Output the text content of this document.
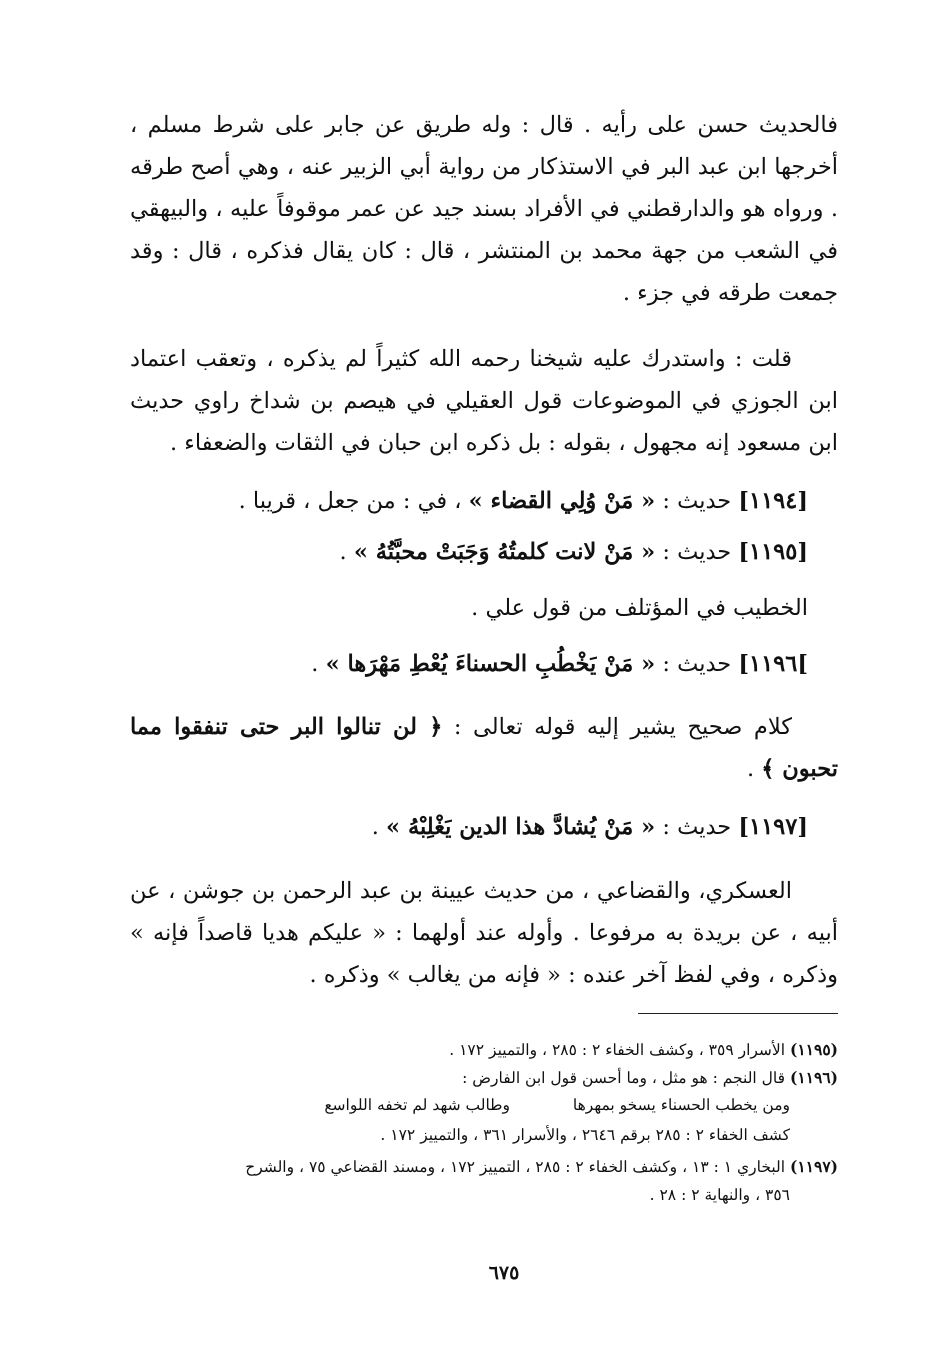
فالحديث حسن على رأيه . قال : وله طريق عن جابر على شرط مسلم ، أخرجها ابن عبد البر في الاستذكار من رواية أبي الزبير عنه ، وهي أصح طرقه . ورواه هو والدارقطني في الأفراد بسند جيد عن عمر موقوفاً عليه ، والبيهقي في الشعب من جهة محمد بن المنتشر ، قال : كان يقال فذكره ، قال : وقد جمعت طرقه في جزء .

قلت : واستدرك عليه شيخنا رحمه الله كثيراً لم يذكره ، وتعقب اعتماد ابن الجوزي في الموضوعات قول العقيلي في هيصم بن شداخ راوي حديث ابن مسعود إنه مجهول ، بقوله : بل ذكره ابن حبان في الثقات والضعفاء .

[١١٩٤] حديث : « مَنْ وُلِي القضاء » ، في : من جعل ، قريبا .
[١١٩٥] حديث : « مَنْ لانت كلمتُهُ وَجَبَتْ محبَّتُهُ » .
الخطيب في المؤتلف من قول علي .
]١١٩٦] حديث : « مَنْ يَخْطُبِ الحسناءَ يُعْطِ مَهْرَها » .

كلام صحيح يشير إليه قوله تعالى : ﴿ لن تنالوا البر حتى تنفقوا مما تحبون ﴾ .

[١١٩٧] حديث : « مَنْ يُشادَّ هذا الدين يَغْلِبْهُ » .

العسكري، والقضاعي ، من حديث عيينة بن عبد الرحمن بن جوشن ، عن أبيه ، عن بريدة به مرفوعا . وأوله عند أولهما : « عليكم هديا قاصداً فإنه » وذكره ، وفي لفظ آخر عنده : « فإنه من يغالب » وذكره .

(١١٩٥) الأسرار ٣٥٩ ، وكشف الخفاء ٢ : ٢٨٥ ، والتمييز ١٧٢ .

(١١٩٦) قال النجم : هو مثل ، وما أحسن قول ابن الفارض :

ومن يخطب الحسناء يسخو بمهرهاوطالب شهد لم تخفه اللواسع

كشف الخفاء ٢ : ٢٨٥ برقم ٢٦٤٦ ، والأسرار ٣٦١ ، والتمييز ١٧٢ .

(١١٩٧) البخاري ١ : ١٣ ، وكشف الخفاء ٢ : ٢٨٥ ، التمييز ١٧٢ ، ومسند القضاعي ٧٥ ، والشرح

٣٥٦ ، والنهاية ٢ : ٢٨ .

٦٧٥
